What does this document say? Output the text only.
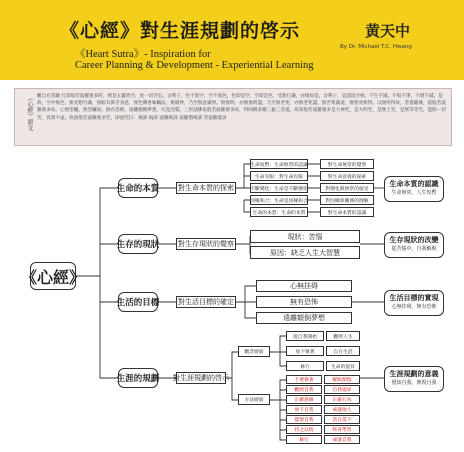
《心經》對生涯規劃的啓示	黄天中
By Dr. Michael T.C. Hwang
《Heart Sutra》- Inspiration for
Career Planning & Development - Experiential Learning
《心經》原文 觀自在菩薩 行深般若波羅蜜多時，照見五蘊皆空，度一切苦厄。舍利子，色不異空，空不異色，色即是空，空即是色，受想行識，亦復如是。舍利子，是諸法空相，不生不滅，不垢不淨，不增不減。是故，空中無色，無受想行識，無眼耳鼻舌身意，無色聲香味觸法，無眼界，乃至無意識界。無無明，亦無無明盡，乃至無老死，亦無老死盡。無苦集滅道，無智亦無得。以無所得故，菩提薩埵，依般若波羅蜜多故，心無罣礙，無罣礙故，無有恐怖，遠離顛倒夢想，究竟涅槃。三世諸佛依般若波羅蜜多故，得阿耨多羅三藐三菩提。故知般若波羅蜜多是大神咒，是大明咒，是無上咒，是無等等咒，能除一切苦，真實不虛。故說般若波羅蜜多咒，即說咒曰：揭諦 揭諦 波羅揭諦 波羅僧揭諦 菩提薩婆訶
《心經》
生命的本質
生存的現狀
生活的目標
生涯的規劃
對生命本質的探索
對生存現狀的覺察
對生活目標的確定
對生涯規劃的啓示
生命短暫：生命無常的認識
生命有限：對生命有限
不斷變化：生命是不斷變化
因緣和合：生命是因緣和合
生命的本質：生命的本質
對生命無常的覺察
對生命意義的探索
對變化與無常的接受
對因緣與關係的理解
對生命本質的認識
現狀：苦惱
原因：缺乏人生大智慧
心無挂碍
無有恐怖
遠離顛倒夢想
觀念層面
方法層面
從自我開始
放下執著
修行
觀照人生
自在生活
生命的提昇
不要執著
觀照自我
正確思維
放下自我
覺察自我
持之以恆
修行
解脫煩惱
自我提昇
正確行為
成就他人
活在當下
終身學習
成就自我
生命本質的認識
生命無常，人生短暫
生存現狀的改變
從苦惱中，自我解脫
生活目標的實現
心無挂碍，無有恐怖
生涯規劃的意義
覺知自我，實現自我
